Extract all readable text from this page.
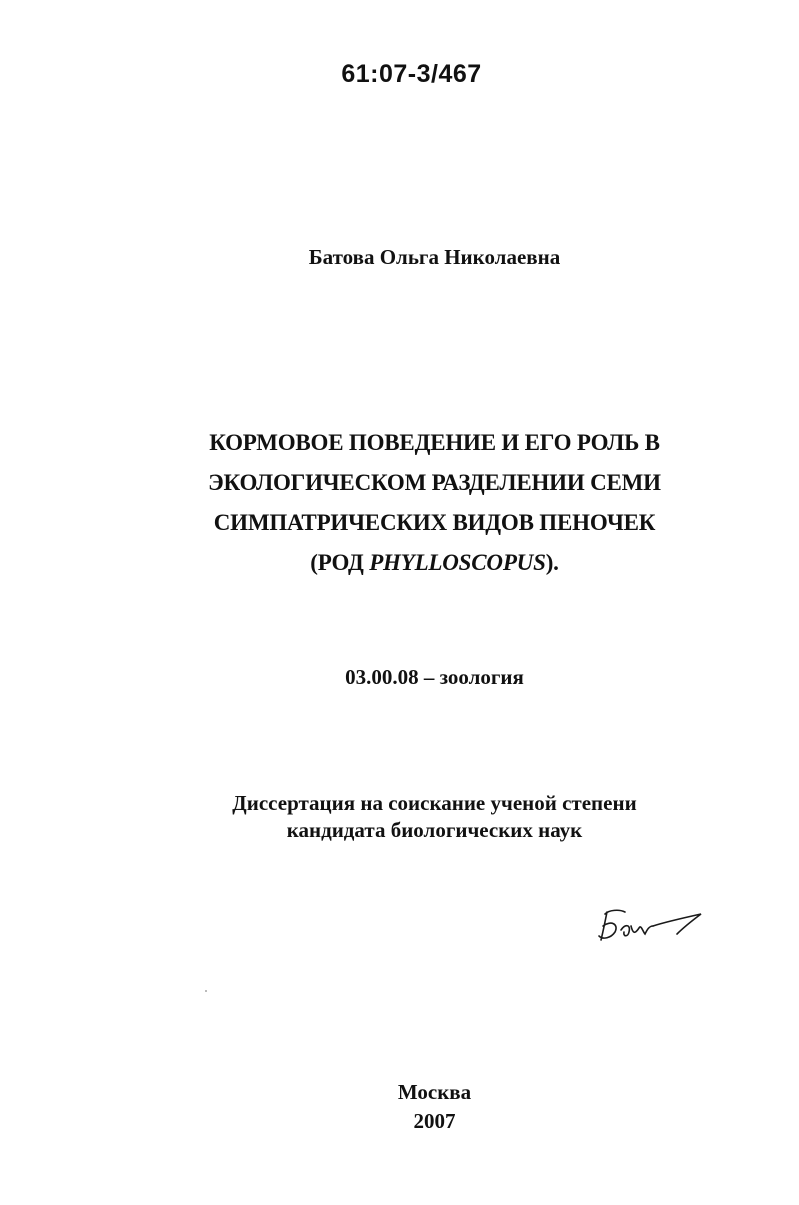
61:07-3/467
Батова Ольга Николаевна
КОРМОВОЕ ПОВЕДЕНИЕ И ЕГО РОЛЬ В
ЭКОЛОГИЧЕСКОМ РАЗДЕЛЕНИИ СЕМИ
СИМПАТРИЧЕСКИХ ВИДОВ ПЕНОЧЕК
(РОД PHYLLOSCOPUS).
03.00.08 – зоология
Диссертация на соискание ученой степени
кандидата биологических наук
Москва
2007
